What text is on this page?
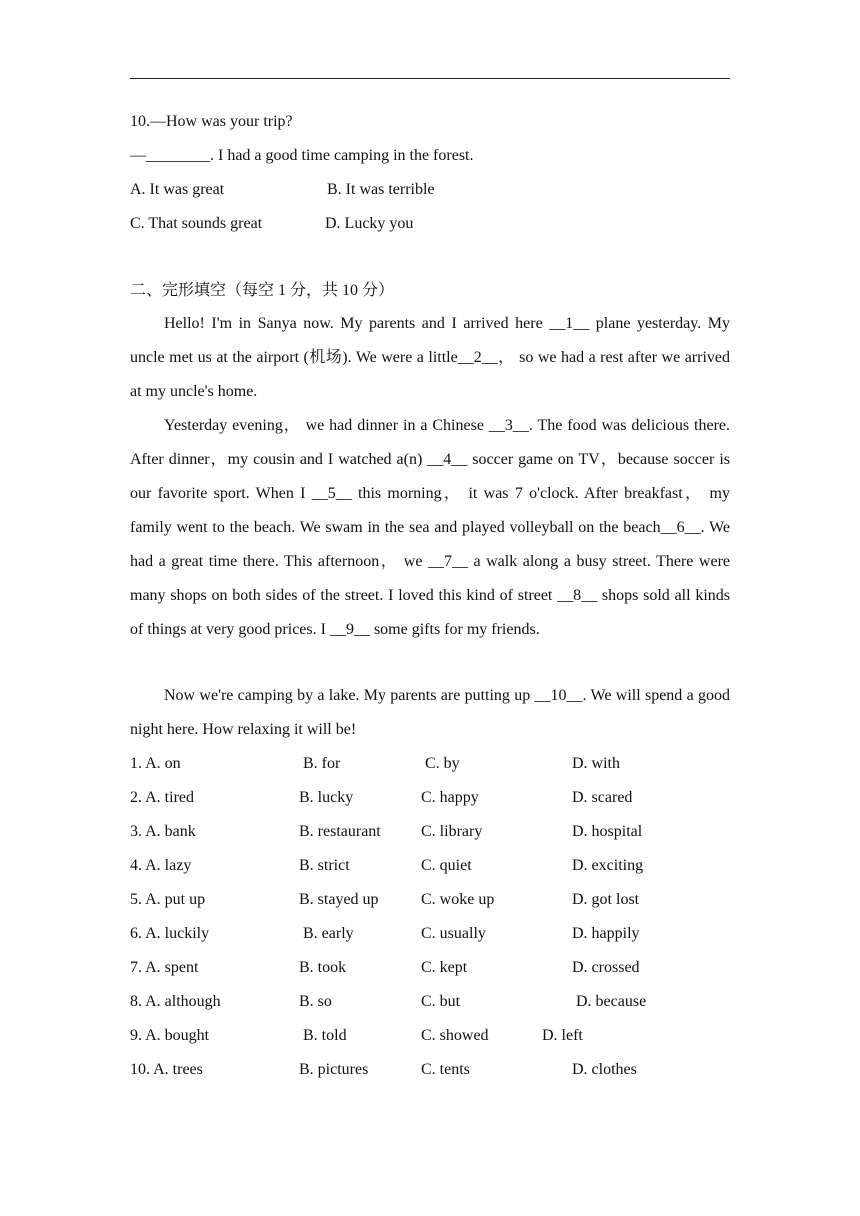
10.—How was your trip?
—________. I had a good time camping in the forest.
A. It was great	B. It was terrible
C. That sounds great	D. Lucky you
二、完形填空（每空 1 分，共 10 分）
Hello! I'm in Sanya now. My parents and I arrived here __1__ plane yesterday. My uncle met us at the airport (机场). We were a little__2__， so we had a rest after we arrived at my uncle's home.
Yesterday evening， we had dinner in a Chinese __3__. The food was delicious there. After dinner，my cousin and I watched a(n) __4__ soccer game on TV，because soccer is our favorite sport. When I __5__ this morning， it was 7 o'clock. After breakfast， my family went to the beach. We swam in the sea and played volleyball on the beach__6__. We had a great time there. This afternoon， we __7__ a walk along a busy street. There were many shops on both sides of the street. I loved this kind of street __8__ shops sold all kinds of things at very good prices. I __9__ some gifts for my friends.
Now we're camping by a lake. My parents are putting up __10__. We will spend a good night here. How relaxing it will be!
1. A. on	B. for	C. by	D. with
2. A. tired	B. lucky	C. happy	D. scared
3. A. bank	B. restaurant	C. library	D. hospital
4. A. lazy	B. strict	C. quiet	D. exciting
5. A. put up	B. stayed up	C. woke up	D. got lost
6. A. luckily	B. early	C. usually	D. happily
7. A. spent	B. took	C. kept	D. crossed
8. A. although	B. so	C. but	D. because
9. A. bought	B. told	C. showed	D. left
10. A. trees	B. pictures	C. tents	D. clothes
